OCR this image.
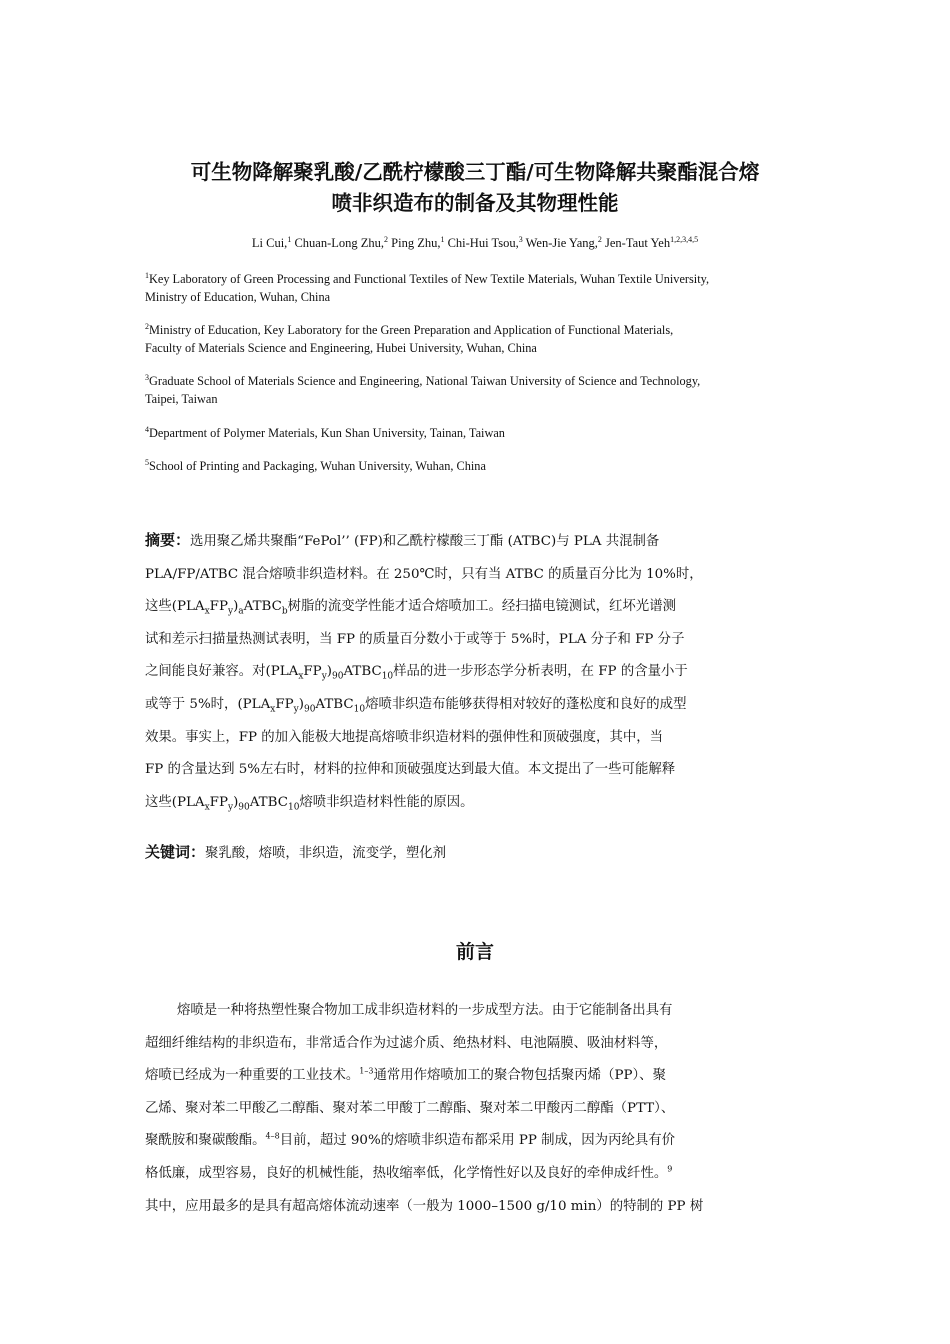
可生物降解聚乳酸/乙酰柠檬酸三丁酯/可生物降解共聚酯混合熔
喷非织造布的制备及其物理性能
Li Cui,$^1$ Chuan-Long Zhu,$^2$ Ping Zhu,$^1$ Chi-Hui Tsou,$^3$ Wen-Jie Yang,$^2$ Jen-Taut Yeh$^{1,2,3,4,5}$
$^1$Key Laboratory of Green Processing and Functional Textiles of New Textile Materials, Wuhan Textile University,
Ministry of Education, Wuhan, China
$^2$Ministry of Education, Key Laboratory for the Green Preparation and Application of Functional Materials,
Faculty of Materials Science and Engineering, Hubei University, Wuhan, China
$^3$Graduate School of Materials Science and Engineering, National Taiwan University of Science and Technology,
Taipei, Taiwan
$^4$Department of Polymer Materials, Kun Shan University, Tainan, Taiwan
$^5$School of Printing and Packaging, Wuhan University, Wuhan, China
摘要：选用聚乙烯共聚酯“FePol’’ (FP)和乙酰柠檬酸三丁酯 (ATBC)与 PLA 共混制备
PLA/FP/ATBC 混合熔喷非织造材料。在 250℃时，只有当 ATBC 的质量百分比为 10%时，
这些$(PLA_xFP_y)_aATBC_b$树脂的流变学性能才适合熔喷加工。经扫描电镜测试，红坏光谱测
试和差示扫描量热测试表明，当 FP 的质量百分数小于或等于 5%时，PLA 分子和 FP 分子
之间能良好兼容。对$(PLA_xFP_y)_{90}ATBC_{10}$样品的进一步形态学分析表明，在 FP 的含量小于
或等于 5%时，$(PLA_xFP_y)_{90}ATBC_{10}$熔喷非织造布能够获得相对较好的蓬松度和良好的成型
效果。事实上，FP 的加入能极大地提高熔喷非织造材料的强伸性和顶破强度，其中，当
FP 的含量达到 5%左右时，材料的拉伸和顶破强度达到最大值。本文提出了一些可能解释
这些$(PLA_xFP_y)_{90}ATBC_{10}$熔喷非织造材料性能的原因。
关键词：聚乳酸，熔喷，非织造，流变学，塑化剂
前言
熔喷是一种将热塑性聚合物加工成非织造材料的一步成型方法。由于它能制备出具有
超细纤维结构的非织造布，非常适合作为过滤介质、绝热材料、电池隔膜、吸油材料等，
熔喷已经成为一种重要的工业技术。$^{1-3}$通常用作熔喷加工的聚合物包括聚丙烯（PP）、聚
乙烯、聚对苯二甲酸乙二醇酯、聚对苯二甲酸丁二醇酯、聚对苯二甲酸丙二醇酯（PTT）、
聚酰胺和聚碳酸酯。$^{4-8}$目前，超过 90%的熔喷非织造布都采用 PP 制成，因为丙纶具有价
格低廉，成型容易，良好的机械性能，热收缩率低，化学惰性好以及良好的牵伸成纤性。$^9$
其中，应用最多的是具有超高熔体流动速率（一般为 1000–1500 g/10 min）的特制的 PP 树
